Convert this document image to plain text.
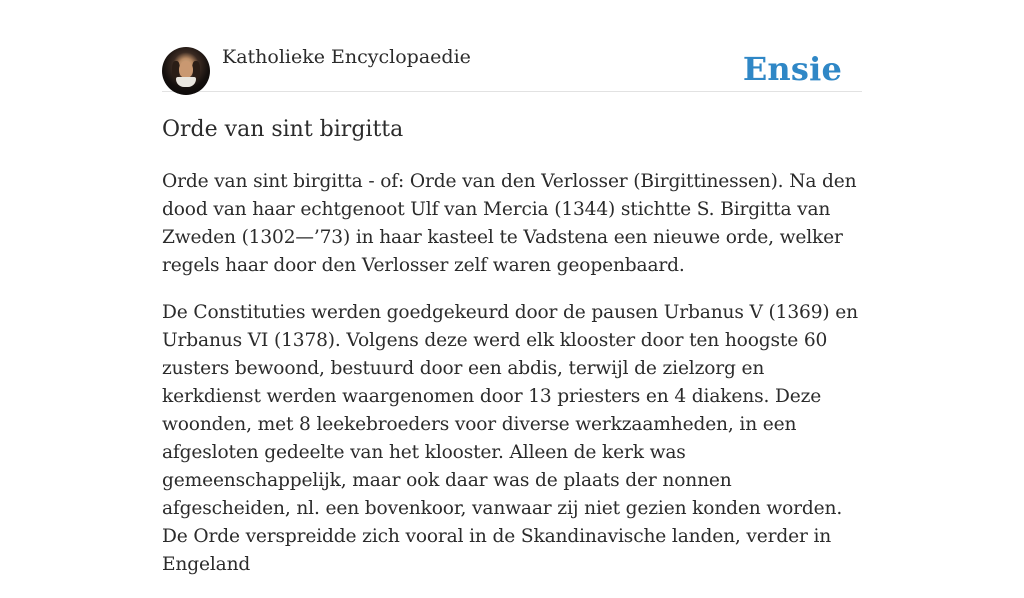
Katholieke Encyclopaedie	Ensie
Orde van sint birgitta

Orde van sint birgitta - of: Orde van den Verlosser (Birgittinessen). Na den dood van haar echtgenoot Ulf van Mercia (1344) stichtte S. Birgitta van Zweden (1302—’73) in haar kasteel te Vadstena een nieuwe orde, welker regels haar door den Verlosser zelf waren geopenbaard.

De Constituties werden goedgekeurd door de pausen Urbanus V (1369) en Urbanus VI (1378). Volgens deze werd elk klooster door ten hoogste 60 zusters bewoond, bestuurd door een abdis, terwijl de zielzorg en kerkdienst werden waargenomen door 13 priesters en 4 diakens. Deze woonden, met 8 leekebroeders voor diverse werkzaamheden, in een afgesloten gedeelte van het klooster. Alleen de kerk was gemeenschappelijk, maar ook daar was de plaats der nonnen afgescheiden, nl. een bovenkoor, vanwaar zij niet gezien konden worden. De Orde verspreidde zich vooral in de Skandinavische landen, verder in Engeland
